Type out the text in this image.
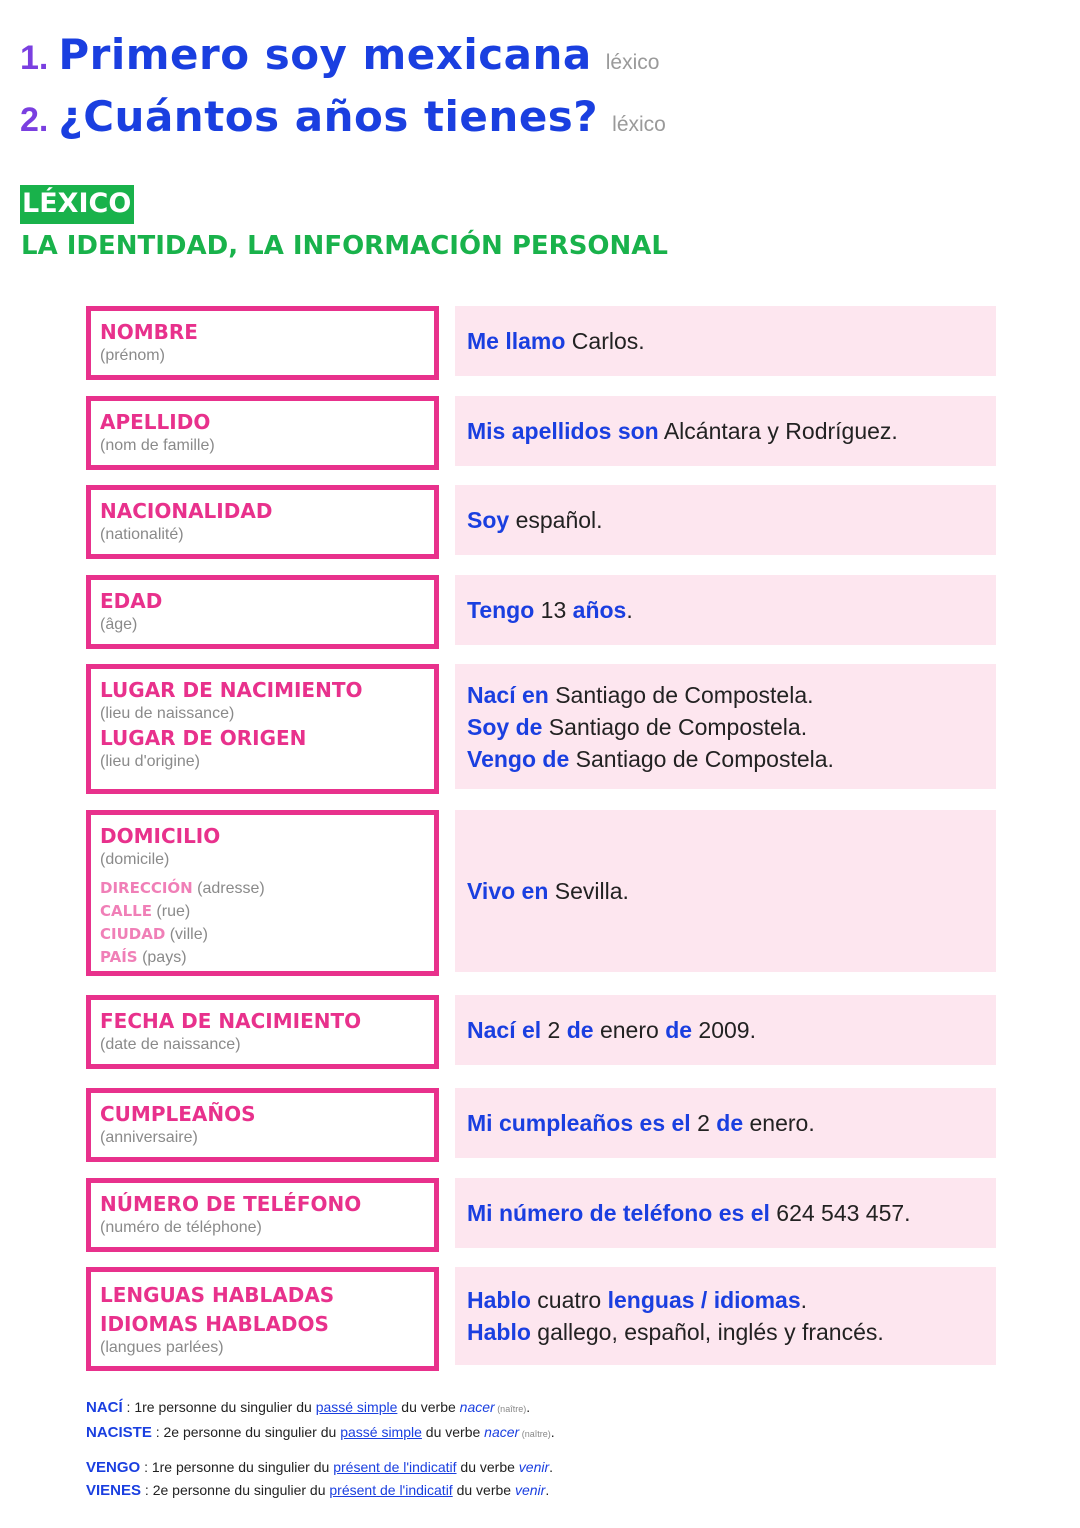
1. Primero soy mexicana léxico
2. ¿Cuántos años tienes? léxico
LÉXICO
LA IDENTIDAD, LA INFORMACIÓN PERSONAL
NOMBRE
(prénom)
Me llamo Carlos.
APELLIDO
(nom de famille)
Mis apellidos son Alcántara y Rodríguez.
NACIONALIDAD
(nationalité)
Soy español.
EDAD
(âge)
Tengo 13 años.
LUGAR DE NACIMIENTO
(lieu de naissance)
LUGAR DE ORIGEN
(lieu d'origine)
Nací en Santiago de Compostela.
Soy de Santiago de Compostela.
Vengo de Santiago de Compostela.
DOMICILIO
(domicile)
DIRECCIÓN (adresse)
CALLE (rue)
CIUDAD (ville)
PAÍS (pays)
Vivo en Sevilla.
FECHA DE NACIMIENTO
(date de naissance)
Nací el 2 de enero de 2009.
CUMPLEAÑOS
(anniversaire)
Mi cumpleaños es el 2 de enero.
NÚMERO DE TELÉFONO
(numéro de téléphone)
Mi número de teléfono es el 624 543 457.
LENGUAS HABLADAS
IDIOMAS HABLADOS
(langues parlées)
Hablo cuatro lenguas / idiomas.
Hablo gallego, español, inglés y francés.
NACÍ : 1re personne du singulier du passé simple du verbe nacer (naître).
NACISTE : 2e personne du singulier du passé simple du verbe nacer (naître).
VENGO : 1re personne du singulier du présent de l'indicatif du verbe venir.
VIENES : 2e personne du singulier du présent de l'indicatif du verbe venir.
